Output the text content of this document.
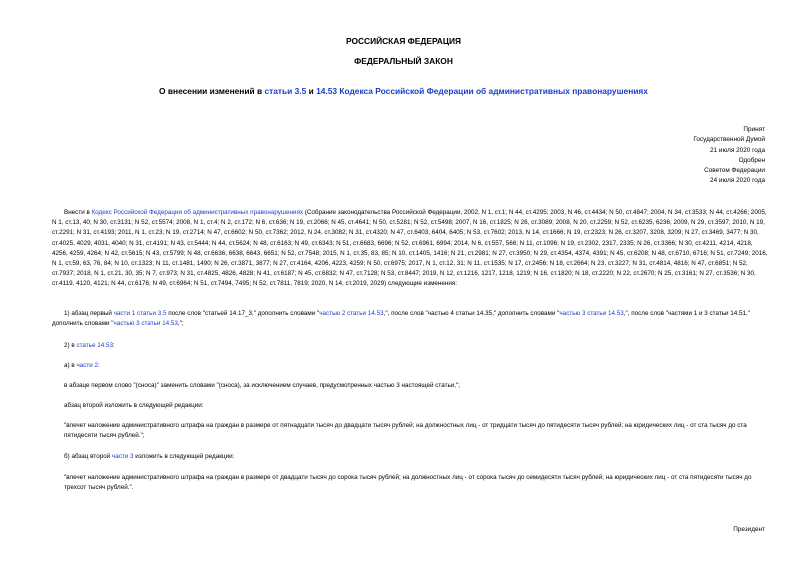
РОССИЙСКАЯ ФЕДЕРАЦИЯ
ФЕДЕРАЛЬНЫЙ ЗАКОН
О внесении изменений в статьи 3.5 и 14.53 Кодекса Российской Федерации об административных правонарушениях
Принят
Государственной Думой
21 июля 2020 года
Одобрен
Советом Федерации
24 июля 2020 года

Внести в Кодекс Российской Федерации об административных правонарушениях (Собрание законодательства Российской Федерации, 2002, N 1, ст.1; N 44, ст.4295; 2003, N 46, ст.4434; N 50, ст.4847; 2004, N 34, ст.3533; N 44, ст.4266; 2005, N 1, ст.13, 40; N 30, ст.3131; N 52, ст.5574; 2008, N 1, ст.4; N 2, ст.172; N 6, ст.636; N 19, ст.2066; N 45, ст.4641; N 50, ст.5281; N 52, ст.5498; 2007, N 16, ст.1825; N 26, ст.3089; 2008, N 20, ст.2259; N 52, ст.6235, 6236; 2009, N 29, ст.3597; 2010, N 19, ст.2291; N 31, ст.4193; 2011, N 1, ст.23; N 19, ст.2714; N 47, ст.6602; N 50, ст.7362; 2012, N 24, ст.3082; N 31, ст.4320; N 47, ст.6403, 6404, 6405; N 53, ст.7602; 2013, N 14, ст.1666; N 19, ст.2323; N 26, ст.3207, 3208, 3209; N 27, ст.3469, 3477; N 30, ст.4025, 4029, 4031, 4040; N 31, ст.4191; N 43, ст.5444; N 44, ст.5624; N 48, ст.6163; N 49, ст.6343; N 51, ст.6683, 6696; N 52, ст.6961, 6994; 2014, N 6, ст.557, 566; N 11, ст.1096; N 19, ст.2302, 2317, 2335; N 26, ст.3366; N 30, ст.4211, 4214, 4218, 4256, 4259, 4264; N 42, ст.5615; N 43, ст.5799; N 48, ст.6636, 6638, 6643, 6651; N 52, ст.7548; 2015, N 1, ст.35, 83, 85; N 10, ст.1405, 1416; N 21, ст.2981; N 27, ст.3950; N 29, ст.4354, 4374, 4391; N 45, ст.6208; N 48, ст.6710, 6716; N 51, ст.7249; 2016, N 1, ст.59, 63, 76, 84; N 10, ст.1323; N 11, ст.1481, 1490; N 26, ст.3871, 3877; N 27, ст.4164, 4206, 4223, 4259; N 50, ст.6975; 2017, N 1, ст.12, 31; N 11, ст.1535; N 17, ст.2456; N 18, ст.2664; N 23, ст.3227; N 31, ст.4814, 4816; N 47, ст.6851; N 52, ст.7937; 2018, N 1, ст.21, 30, 35; N 7, ст.973; N 31, ст.4825, 4826, 4828; N 41, ст.6187; N 45, ст.6832; N 47, ст.7128; N 53, ст.8447; 2019, N 12, ст.1216, 1217, 1218, 1219; N 16, ст.1820; N 18, ст.2220; N 22, ст.2670; N 25, ст.3161; N 27, ст.3536; N 30, ст.4119, 4120, 4121; N 44, ст.6176; N 49, ст.6964; N 51, ст.7494, 7495; N 52, ст.7811, 7819; 2020, N 14, ст.2019, 2029) следующие изменения:

1) абзац первый части 1 статьи 3.5 после слов "статьей 14.17_3," дополнить словами "частью 2 статьи 14.53,", после слов "частью 4 статьи 14.35," дополнить словами "частью 3 статьи 14.53,", после слов "частями 1 и 3 статьи 14.51," дополнить словами "частью 3 статьи 14.53,";

2) в статье 14.53:

а) в части 2:

в абзаце первом слово "(сноса)" заменить словами "(сноса), за исключением случаев, предусмотренных частью 3 настоящей статьи,";

абзац второй изложить в следующей редакции:

"влечет наложение административного штрафа на граждан в размере от пятнадцати тысяч до двадцати тысяч рублей; на должностных лиц - от тридцати тысяч до пятидесяти тысяч рублей; на юридических лиц - от ста тысяч до ста пятидесяти тысяч рублей.";

б) абзац второй части 3 изложить в следующей редакции:

"влечет наложение административного штрафа на граждан в размере от двадцати тысяч до сорока тысяч рублей; на должностных лиц - от сорока тысяч до семидесяти тысяч рублей; на юридических лиц - от ста пятидесяти тысяч до трехсот тысяч рублей.".

Президент
